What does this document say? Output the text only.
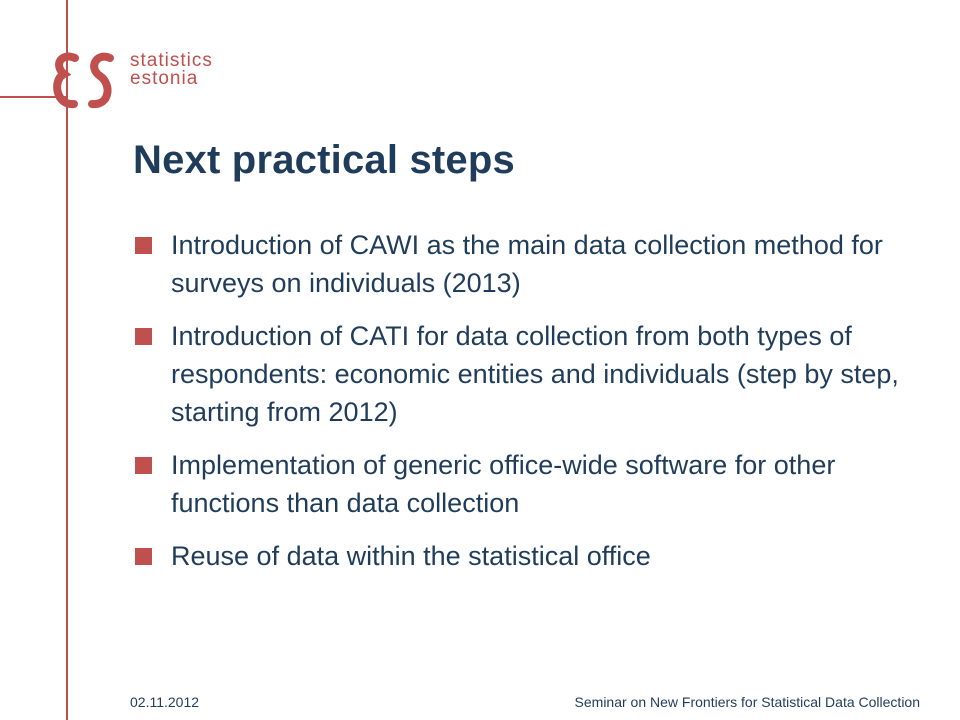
statistics
estonia
Next practical steps
Introduction of CAWI as the main data collection method for surveys on individuals (2013)
Introduction of CATI for data collection from both types of respondents: economic entities and individuals (step by step, starting from 2012)
Implementation of generic office-wide software for other functions than data collection
Reuse of data within the statistical office
02.11.2012	Seminar on New Frontiers for Statistical Data Collection
